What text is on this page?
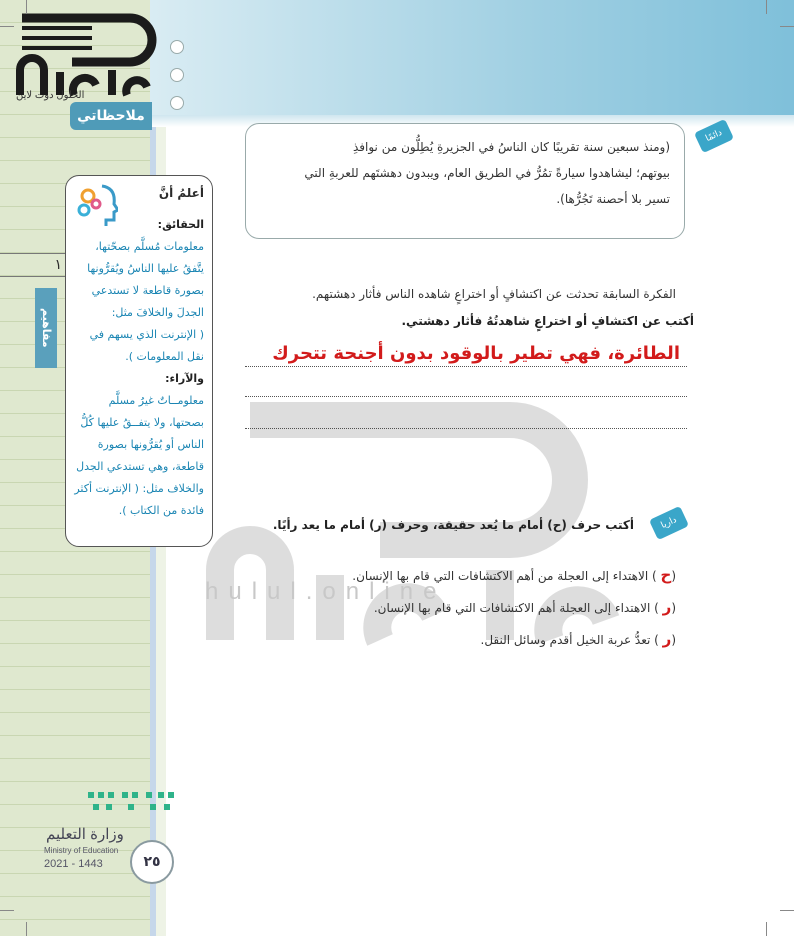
الحلول دوت لاين
ملاحظاتي
١
مفاهيم
أعلمُ أنَّ
الحقائق:
معلومات مُسلَّم بصحّتها، يتَّفقُ عليها الناسُ ويُقرُّونها بصورة قاطعة لا تستدعي الجدلَ والخلافَ مثل:
( الإنترنت الذي يسهم في نقل المعلومات ).
والآراء:
معلومــاتٌ غيرُ مسلَّم بصحتها، ولا يتفــقُ عليها كُلُّ الناس أو يُقرُّونها بصورة قاطعة، وهي تستدعي الجدل والخلاف مثل: ( الإنترنت أكثر فائدة من الكتاب ).
دائمًا
(ومنذ سبعين سنة تقريبًا كان الناسُ في الجزيرةِ يُطِلُّون من نوافذِ
بيوتهم؛ ليشاهدوا سيارةً تمُرُّ في الطريق العام، ويبدون دهشتَهم للعربةِ التي
تسير بلا أحصنة تَجُرُّها).
الفكرة السابقة تحدثت عن اكتشافٍ أو اختراعٍ شاهده الناس فأثار دهشتهم.
أكتب عن اكتشافٍ أو اختراعٍ شاهدتُهُ فأثار دهشتي.
الطائرة، فهي تطير بالوقود بدون أجنحة تتحرك
hulul.online
داريا
أكتب حرف (ح) أمام ما يُعد حقيقة، وحرف (ر) أمام ما يعد رأيًا.
(ح ) الاهتداء إلى العجلة من أهم الاكتشافات التي قام بها الإنسان.
(ر ) الاهتداء إلى العجلة أهم الاكتشافات التي قام بها الإنسان.
(ر ) تعدُّ عربة الخيل أقدم وسائل النقل.
وزارة التعليم
Ministry of Education
2021 - 1443	٢٥
